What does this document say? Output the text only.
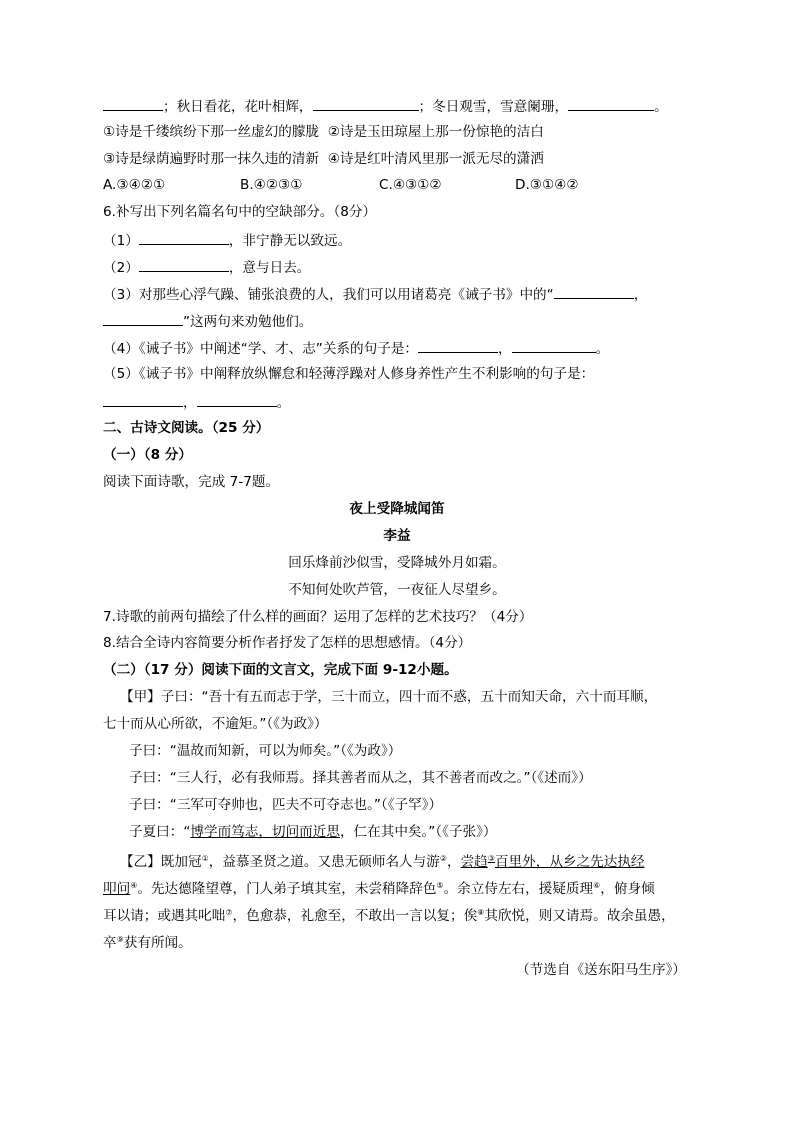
；秋日看花，花叶相辉，	；冬日观雪，雪意阑珊，	。
①诗是千缕缤纷下那一丝虚幻的朦胧 ②诗是玉田琼屋上那一份惊艳的洁白
③诗是绿荫遍野时那一抹久违的清新 ④诗是红叶清风里那一派无尽的潇洒
A.③④②①	B.④②③①	C.④③①②	D.③①④②
6.补写出下列名篇名句中的空缺部分。（8分）
（1）	，非宁静无以致远。
（2）	，意与日去。
（3）对那些心浮气躁、铺张浪费的人，我们可以用诸葛亮《诫子书》中的“	，
”这两句来劝勉他们。
（4）《诫子书》中阐述“学、才、志”关系的句子是：	，	。
（5）《诫子书》中阐释放纵懈怠和轻薄浮躁对人修身养性产生不利影响的句子是：
，	。
二、古诗文阅读。（25 分）
（一）（8 分）
阅读下面诗歌，完成 7-7题。
夜上受降城闻笛
李益
回乐烽前沙似雪，受降城外月如霜。
不知何处吹芦管，一夜征人尽望乡。
7.诗歌的前两句描绘了什么样的画面？运用了怎样的艺术技巧？（4分）
8.结合全诗内容简要分析作者抒发了怎样的思想感情。（4分）
（二）（17 分）阅读下面的文言文，完成下面 9-12小题。
【甲】子曰：“吾十有五而志于学，三十而立，四十而不惑，五十而知天命，六十而耳顺，
七十而从心所欲，不逾矩。”（《为政》）
子曰：“温故而知新，可以为师矣。”（《为政》）
子曰：“三人行，必有我师焉。择其善者而从之，其不善者而改之。”（《述而》）
子曰：“三军可夺帅也，匹夫不可夺志也。”（《子罕》）
子夏曰：“博学而笃志，切问而近思，仁在其中矣。”（《子张》）
【乙】既加冠①，益慕圣贤之道。又患无硕师名人与游②，尝趋③百里外，从乡之先达执经
叩问④。先达德隆望尊，门人弟子填其室，未尝稍降辞色⑤。余立侍左右，援疑质理⑥，俯身倾
耳以请；或遇其叱咄⑦，色愈恭，礼愈至，不敢出一言以复；俟⑧其欣悦，则又请焉。故余虽愚，
卒⑨获有所闻。
（节选自《送东阳马生序》）
